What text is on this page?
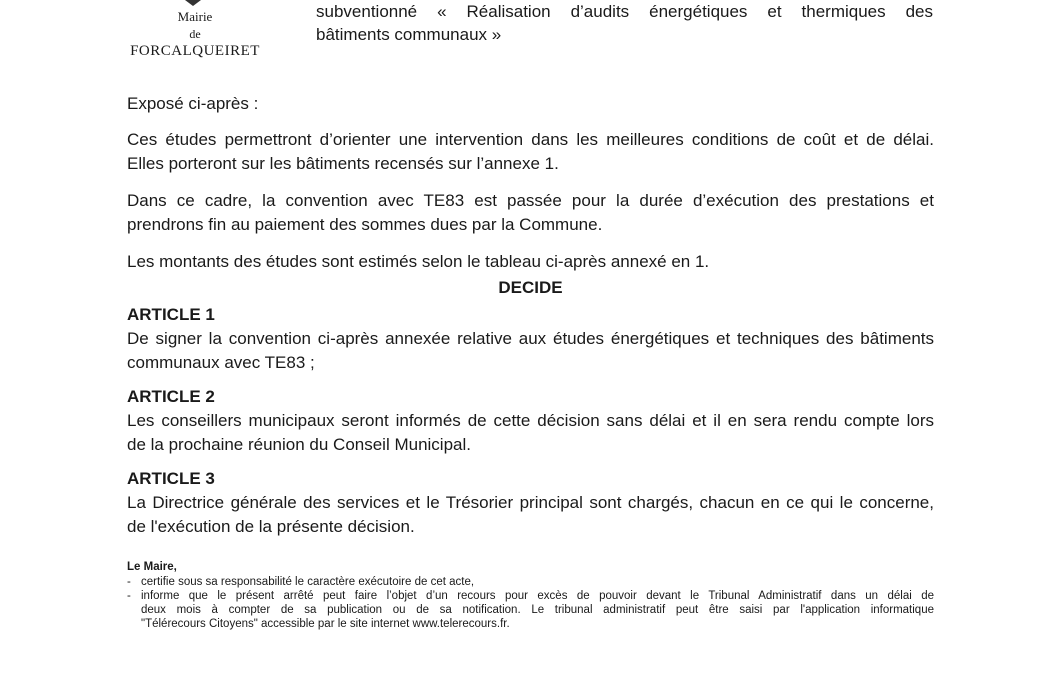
Mairie
de
FORCALQUEIRET
subventionné « Réalisation d’audits énergétiques et thermiques des
bâtiments communaux »

Exposé ci-après :

Ces études permettront d’orienter une intervention dans les meilleures conditions de coût et de délai.

Elles porteront sur les bâtiments recensés sur l’annexe 1.

Dans ce cadre, la convention avec TE83 est passée pour la durée d’exécution des prestations et

prendrons fin au paiement des sommes dues par la Commune.

Les montants des études sont estimés selon le tableau ci-après annexé en 1.

DECIDE
ARTICLE 1
De signer la convention ci-après annexée relative aux études énergétiques et techniques des bâtiments
communaux avec TE83 ;
ARTICLE 2
Les conseillers municipaux seront informés de cette décision sans délai et il en sera rendu compte lors
de la prochaine réunion du Conseil Municipal.
ARTICLE 3
La Directrice générale des services et le Trésorier principal sont chargés, chacun en ce qui le concerne,
de l'exécution de la présente décision.
Le Maire,
- certifie sous sa responsabilité le caractère exécutoire de cet acte,
- informe que le présent arrêté peut faire l’objet d’un recours pour excès de pouvoir devant le Tribunal Administratif dans un délai de
deux mois à compter de sa publication ou de sa notification. Le tribunal administratif peut être saisi par l'application informatique
"Télérecours Citoyens" accessible par le site internet www.telerecours.fr.
